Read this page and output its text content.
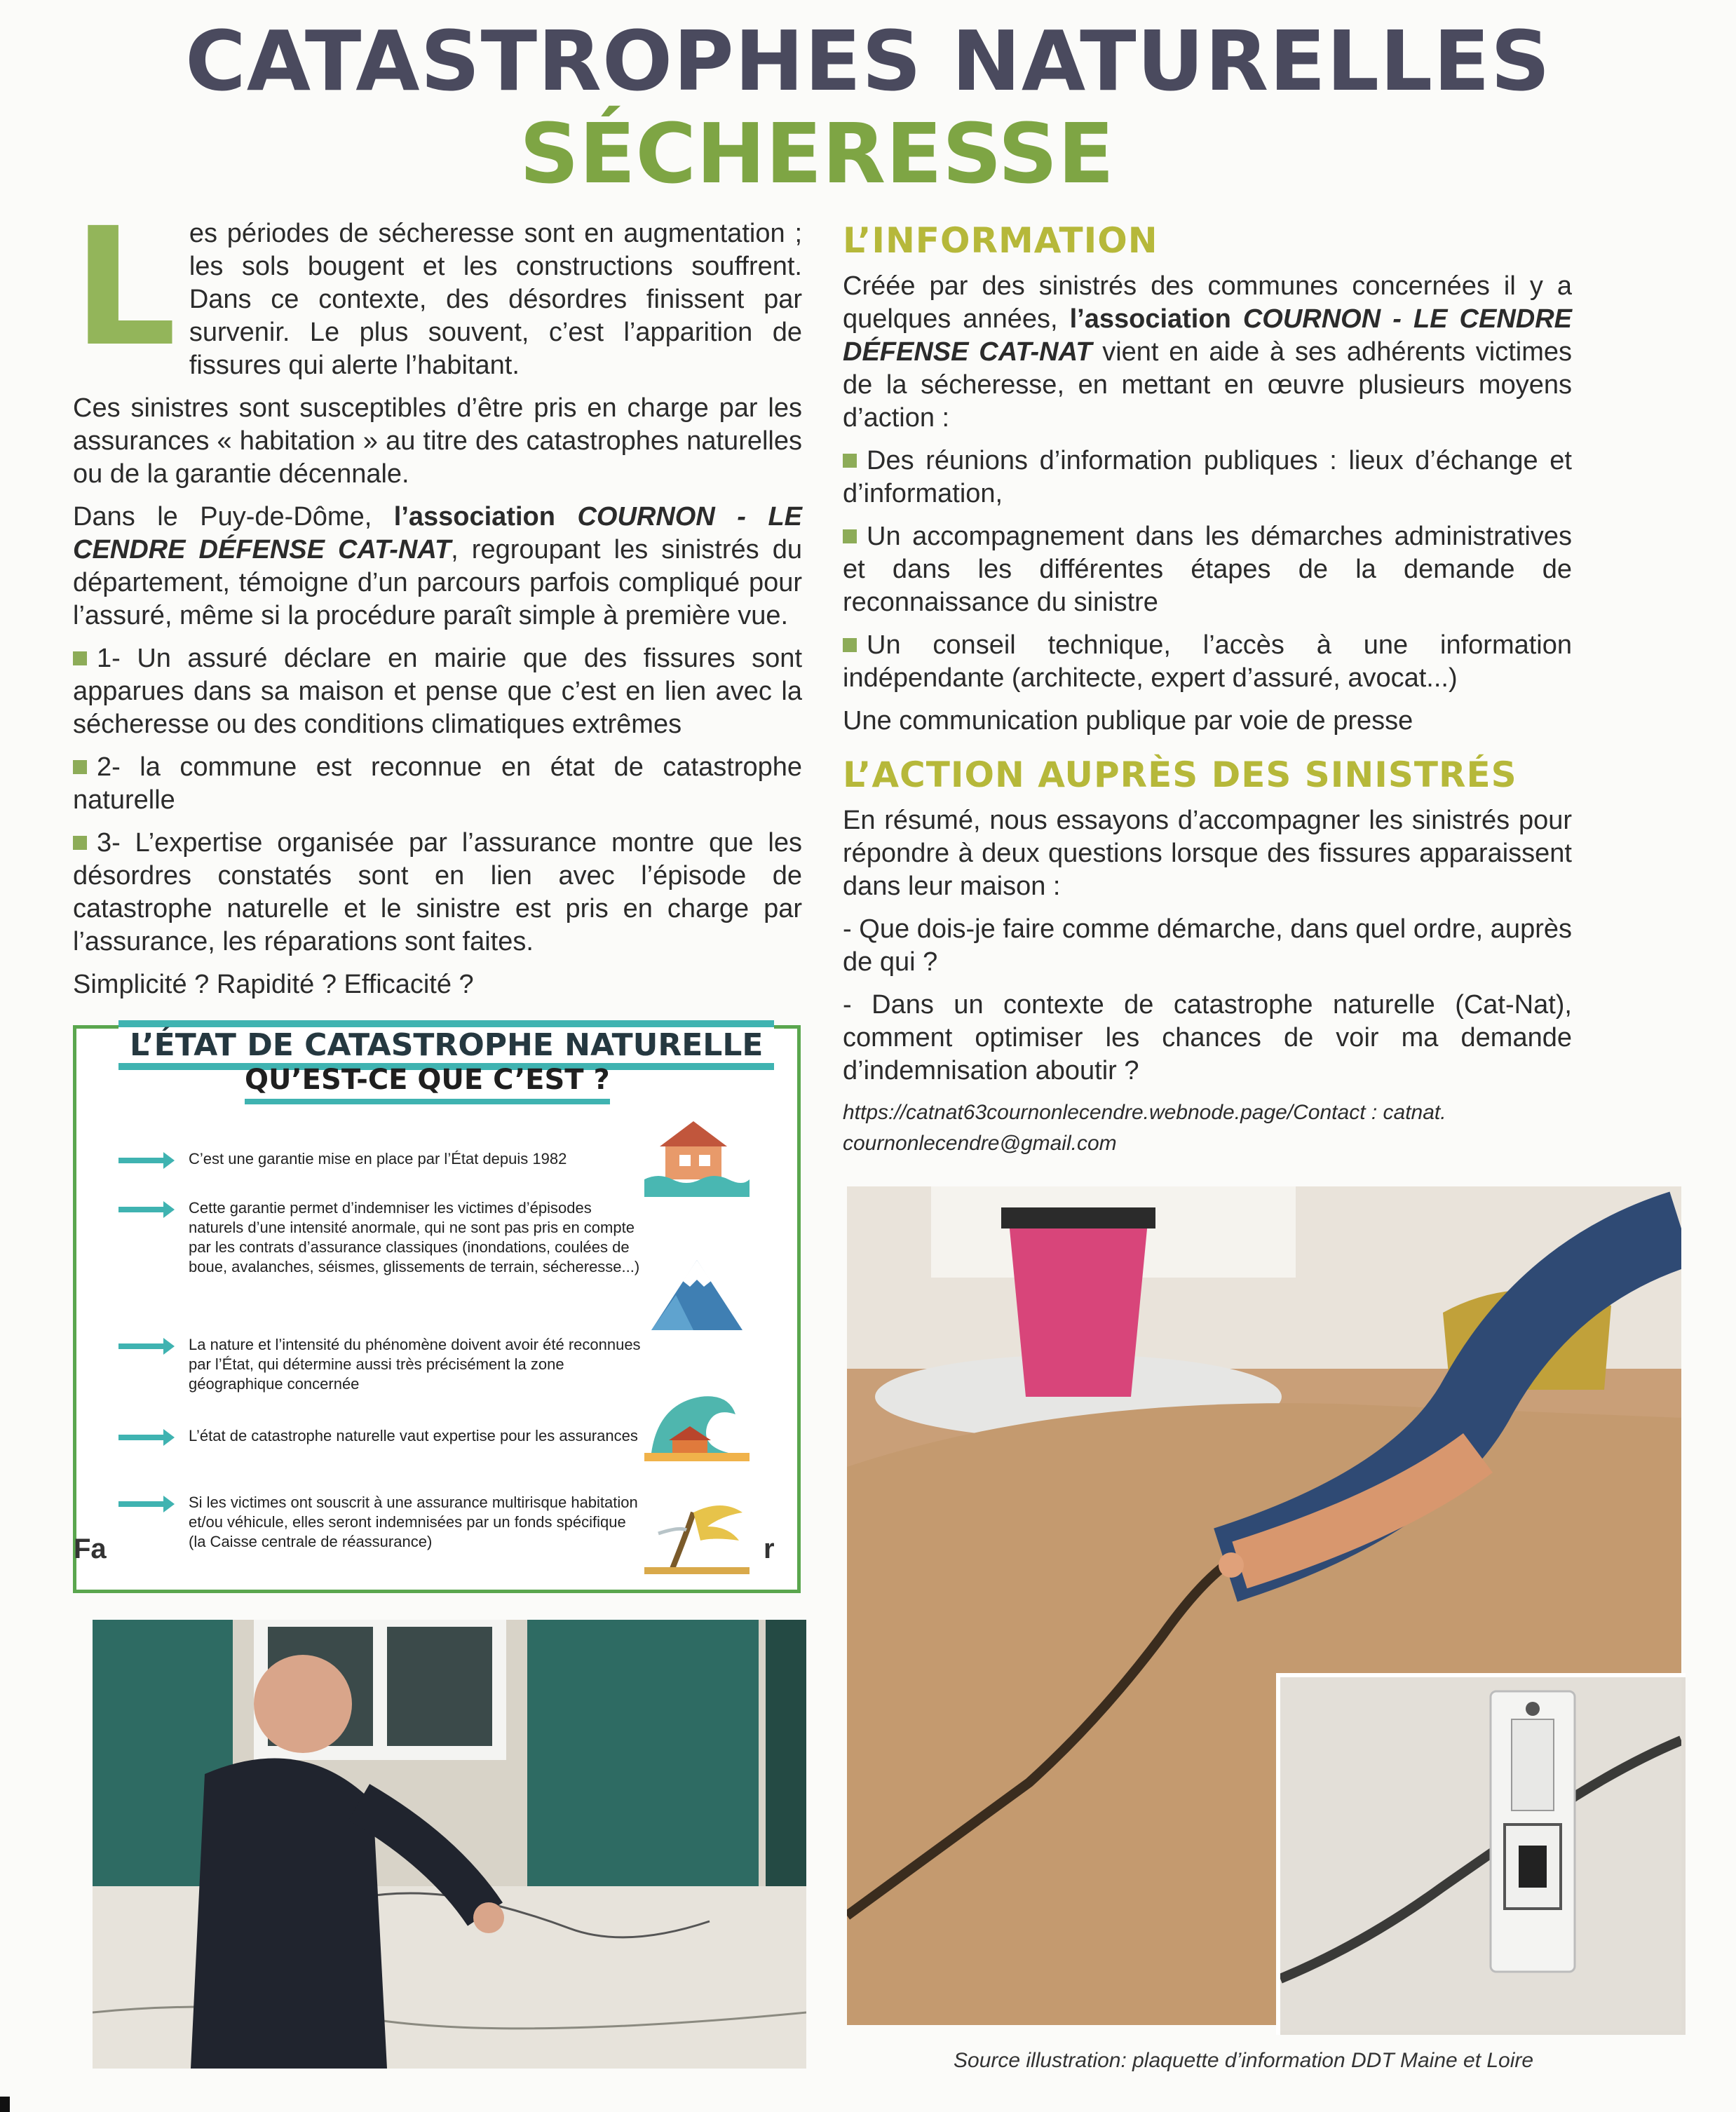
CATASTROPHES NATURELLES
SÉCHERESSE

L es périodes de sécheresse sont en augmentation ; les sols bougent et les constructions souffrent. Dans ce contexte, des désordres finissent par survenir. Le plus souvent, c’est l’apparition de fissures qui alerte l’habitant.

Ces sinistres sont susceptibles d’être pris en charge par les assurances « habitation » au titre des catastrophes naturelles ou de la garantie décennale.

Dans le Puy-de-Dôme, l’association COURNON - LE CENDRE DÉFENSE CAT-NAT, regroupant les sinistrés du département, témoigne d’un parcours parfois compliqué pour l’assuré, même si la procédure paraît simple à première vue.

1- Un assuré déclare en mairie que des fissures sont apparues dans sa maison et pense que c’est en lien avec la sécheresse ou des conditions climatiques extrêmes

2- la commune est reconnue en état de catastrophe naturelle

3- L’expertise organisée par l’assurance montre que les désordres constatés sont en lien avec l’épisode de catastrophe naturelle et le sinistre est pris en charge par l’assurance, les réparations sont faites.

Simplicité ? Rapidité ? Efficacité ?

L’ÉTAT DE CATASTROPHE NATURELLE
QU’EST-CE QUE C’EST ?
C’est une garantie mise en place par l’État depuis 1982
Cette garantie permet d’indemniser les victimes d’épisodes naturels d’une intensité anormale, qui ne sont pas pris en compte par les contrats d’assurance classiques (inondations, coulées de boue, avalanches, séismes, glissements de terrain, sécheresse...)
La nature et l’intensité du phénomène doivent avoir été reconnues par l’État, qui détermine aussi très précisément la zone géographique concernée
L’état de catastrophe naturelle vaut expertise pour les assurances
Si les victimes ont souscrit à une assurance multirisque habitation et/ou véhicule, elles seront indemnisées par un fonds spécifique (la Caisse centrale de réassurance)
Fa	r
L’INFORMATION

Créée par des sinistrés des communes concernées il y a quelques années, l’association COURNON - LE CENDRE DÉFENSE CAT-NAT vient en aide à ses adhérents victimes de la sécheresse, en mettant en œuvre plusieurs moyens d’action :

Des réunions d’information publiques : lieux d’échange et d’information,

Un accompagnement dans les démarches administratives et dans les différentes étapes de la demande de reconnaissance du sinistre

Un conseil technique, l’accès à une information indépendante (architecte, expert d’assuré, avocat...)

Une communication publique par voie de presse

L’ACTION AUPRÈS DES SINISTRÉS

En résumé, nous essayons d’accompagner les sinistrés pour répondre à deux questions lorsque des fissures apparaissent dans leur maison :

- Que dois-je faire comme démarche, dans quel ordre, auprès de qui ?

- Dans un contexte de catastrophe naturelle (Cat-Nat), comment optimiser les chances de voir ma demande d’indemnisation aboutir ?

https://catnat63cournonlecendre.webnode.page/Contact : catnat.
cournonlecendre@gmail.com
Source illustration: plaquette d’information DDT Maine et Loire
